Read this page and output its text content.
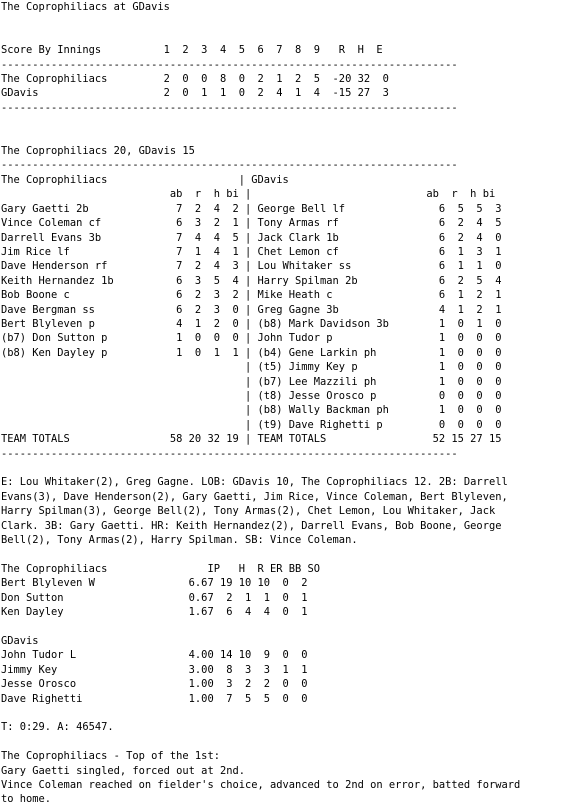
The Coprophiliacs at GDavis

Score By Innings          1  2  3  4  5  6  7  8  9   R  H  E
-------------------------------------------------------------------------
The Coprophiliacs         2  0  0  8  0  2  1  2  5  -20 32  0
GDavis                    2  0  1  1  0  2  4  1  4  -15 27  3
-------------------------------------------------------------------------

The Coprophiliacs 20, GDavis 15
-------------------------------------------------------------------------
The Coprophiliacs                     | GDavis
ab  r  h bi |                            ab  r  h bi
Gary Gaetti 2b              7  2  4  2 | George Bell lf               6  5  5  3
Vince Coleman cf            6  3  2  1 | Tony Armas rf                6  2  4  5
Darrell Evans 3b            7  4  4  5 | Jack Clark 1b                6  2  4  0
Jim Rice lf                 7  1  4  1 | Chet Lemon cf                6  1  3  1
Dave Henderson rf           7  2  4  3 | Lou Whitaker ss              6  1  1  0
Keith Hernandez 1b          6  3  5  4 | Harry Spilman 2b             6  2  5  4
Bob Boone c                 6  2  3  2 | Mike Heath c                 6  1  2  1
Dave Bergman ss             6  2  3  0 | Greg Gagne 3b                4  1  2  1
Bert Blyleven p             4  1  2  0 | (b8) Mark Davidson 3b        1  0  1  0
(b7) Don Sutton p           1  0  0  0 | John Tudor p                 1  0  0  0
(b8) Ken Dayley p           1  0  1  1 | (b4) Gene Larkin ph          1  0  0  0
| (t5) Jimmy Key p             1  0  0  0
| (b7) Lee Mazzili ph          1  0  0  0
| (t8) Jesse Orosco p          0  0  0  0
| (b8) Wally Backman ph        1  0  0  0
| (t9) Dave Righetti p         0  0  0  0
TEAM TOTALS                58 20 32 19 | TEAM TOTALS                 52 15 27 15
-------------------------------------------------------------------------

E: Lou Whitaker(2), Greg Gagne. LOB: GDavis 10, The Coprophiliacs 12. 2B: Darrell
Evans(3), Dave Henderson(2), Gary Gaetti, Jim Rice, Vince Coleman, Bert Blyleven,
Harry Spilman(3), George Bell(2), Tony Armas(2), Chet Lemon, Lou Whitaker, Jack
Clark. 3B: Gary Gaetti. HR: Keith Hernandez(2), Darrell Evans, Bob Boone, George
Bell(2), Tony Armas(2), Harry Spilman. SB: Vince Coleman.

The Coprophiliacs                IP   H  R ER BB SO
Bert Blyleven W               6.67 19 10 10  0  2
Don Sutton                    0.67  2  1  1  0  1
Ken Dayley                    1.67  6  4  4  0  1

GDavis
John Tudor L                  4.00 14 10  9  0  0
Jimmy Key                     3.00  8  3  3  1  1
Jesse Orosco                  1.00  3  2  2  0  0
Dave Righetti                 1.00  7  5  5  0  0

T: 0:29. A: 46547.

The Coprophiliacs - Top of the 1st:
Gary Gaetti singled, forced out at 2nd.
Vince Coleman reached on fielder's choice, advanced to 2nd on error, batted forward
to home.
